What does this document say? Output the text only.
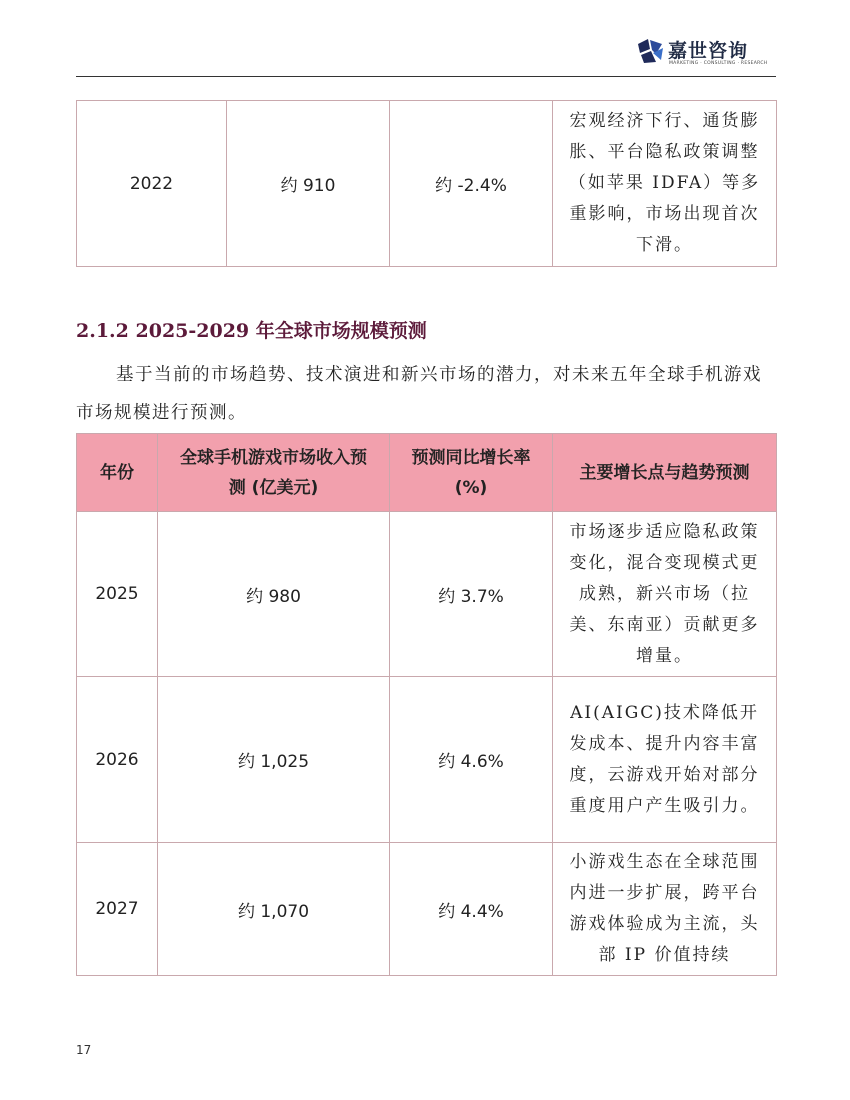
嘉世咨询
MARKETING · CONSULTING · RESEARCH
2022	约 910	约 -2.4%	宏观经济下行、通货膨胀、平台隐私政策调整（如苹果 IDFA）等多重影响，市场出现首次下滑。
2.1.2 2025-2029 年全球市场规模预测
基于当前的市场趋势、技术演进和新兴市场的潜力，对未来五年全球手机游戏市场规模进行预测。
年份	全球手机游戏市场收入预测 (亿美元)	预测同比增长率 (%)	主要增长点与趋势预测
2025	约 980	约 3.7%	市场逐步适应隐私政策变化，混合变现模式更成熟，新兴市场（拉美、东南亚）贡献更多增量。
2026	约 1,025	约 4.6%	AI(AIGC)技术降低开发成本、提升内容丰富度，云游戏开始对部分重度用户产生吸引力。
2027	约 1,070	约 4.4%	小游戏生态在全球范围内进一步扩展，跨平台游戏体验成为主流，头部 IP 价值持续
17
